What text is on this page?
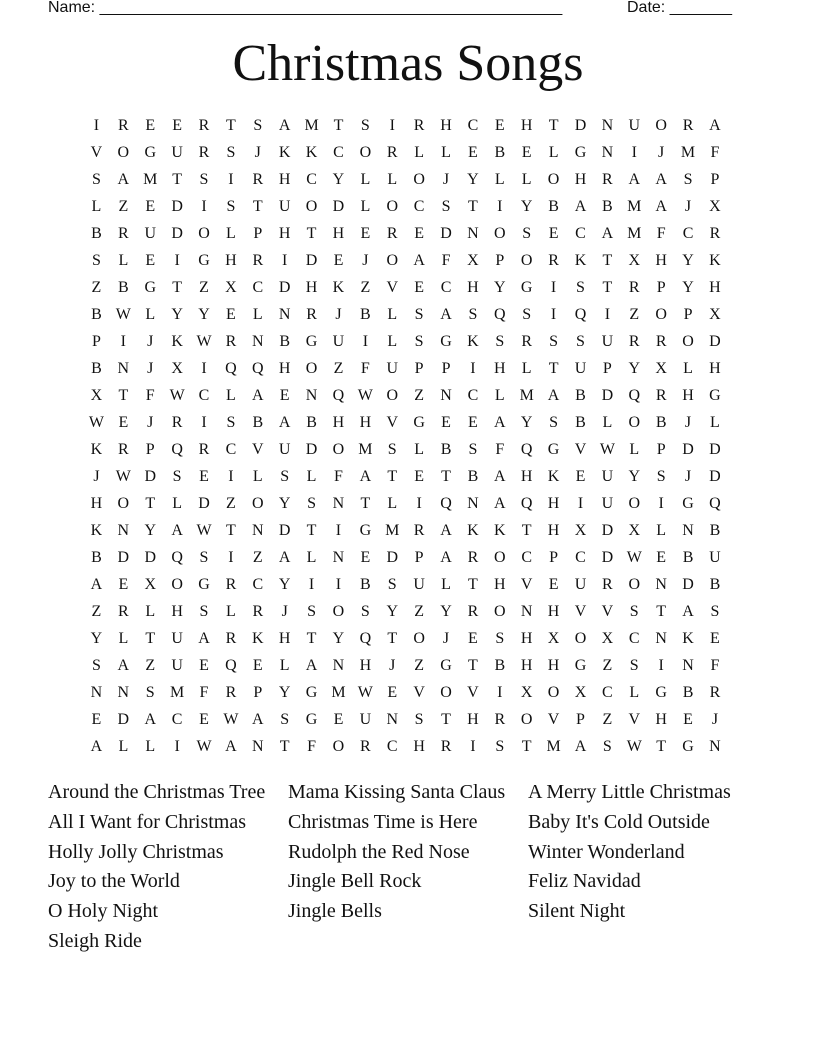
Name: ____________________________________________________	Date: _______
Christmas Songs
I	R	E	E	R	T	S	A M T	S	I	R H C	E	H	T	D N U O R A
V O G U R	S	J	K K C O R	L	L	E	B	E	L	G N	I	J	M F
S	A M T	S	I	R H C Y	L	L	O	J	Y	L	L	O H R A A	S	P
L	Z	E	D	I	S	T	U O D	L	O C	S	T	I	Y B A B M A	J	X
B	R U D O	L	P	H	T	H	E	R	E	D N O	S	E	C A M F	C	R
S	L	E	I	G H R	I	D	E	J	O A	F	X	P	O R K	T	X H Y K
Z	B G	T	Z	X C D H K	Z	V	E	C H Y G	I	S	T	R	P	Y H
B W L	Y Y	E	L	N R	J	B	L	S	A	S	Q	S	I	Q	I	Z	O	P	X
P	I	J	K W R N B G U	I	L	S	G K	S	R	S	S	U R	R O D
B N	J	X	I	Q Q H O	Z	F	U	P	P	I	H	L	T	U	P	Y X	L	H
X	T	F W C	L	A	E	N Q W O	Z	N C	L M A B D Q R H G
W E	J	R	I	S	B A B H H V G	E	E	A Y	S	B	L	O B	J	L
K R	P	Q R	C V U D O M S	L	B	S	F	Q G V W L	P	D D
J	W D	S	E	I	L	S	L	F	A	T	E	T	B A H K	E	U Y	S	J	D
H O	T	L	D	Z	O Y	S	N	T	L	I	Q N A Q H	I	U O	I	G Q
K N Y A W T	N D	T	I	G M R A K K	T	H X D X	L	N B
B D D Q	S	I	Z	A	L	N	E	D	P	A R O C	P	C D W E	B U
A	E	X O G R	C Y	I	I	B	S	U	L	T	H V	E	U R O N D B
Z	R	L	H	S	L	R	J	S	O	S	Y	Z	Y R O N H V V	S	T	A	S
Y	L	T	U A R K H	T	Y Q	T	O	J	E	S	H X O X C N K	E
S	A	Z	U	E	Q	E	L	A N H	J	Z	G	T	B H H G	Z	S	I	N	F
N N	S M F	R	P	Y G M W E	V O V	I	X O X C	L	G B	R
E	D A C	E W A	S	G	E	U N	S	T	H R O V	P	Z	V H	E	J
A	L	L	I	W A N	T	F	O R	C H R	I	S	T M A	S W T	G N
Around the Christmas Tree
All I Want for Christmas
Holly Jolly Christmas
Joy to the World
O Holy Night
Sleigh Ride
Mama Kissing Santa Claus
Christmas Time is Here
Rudolph the Red Nose
Jingle Bell Rock
Jingle Bells
A Merry Little Christmas
Baby It's Cold Outside
Winter Wonderland
Feliz Navidad
Silent Night
